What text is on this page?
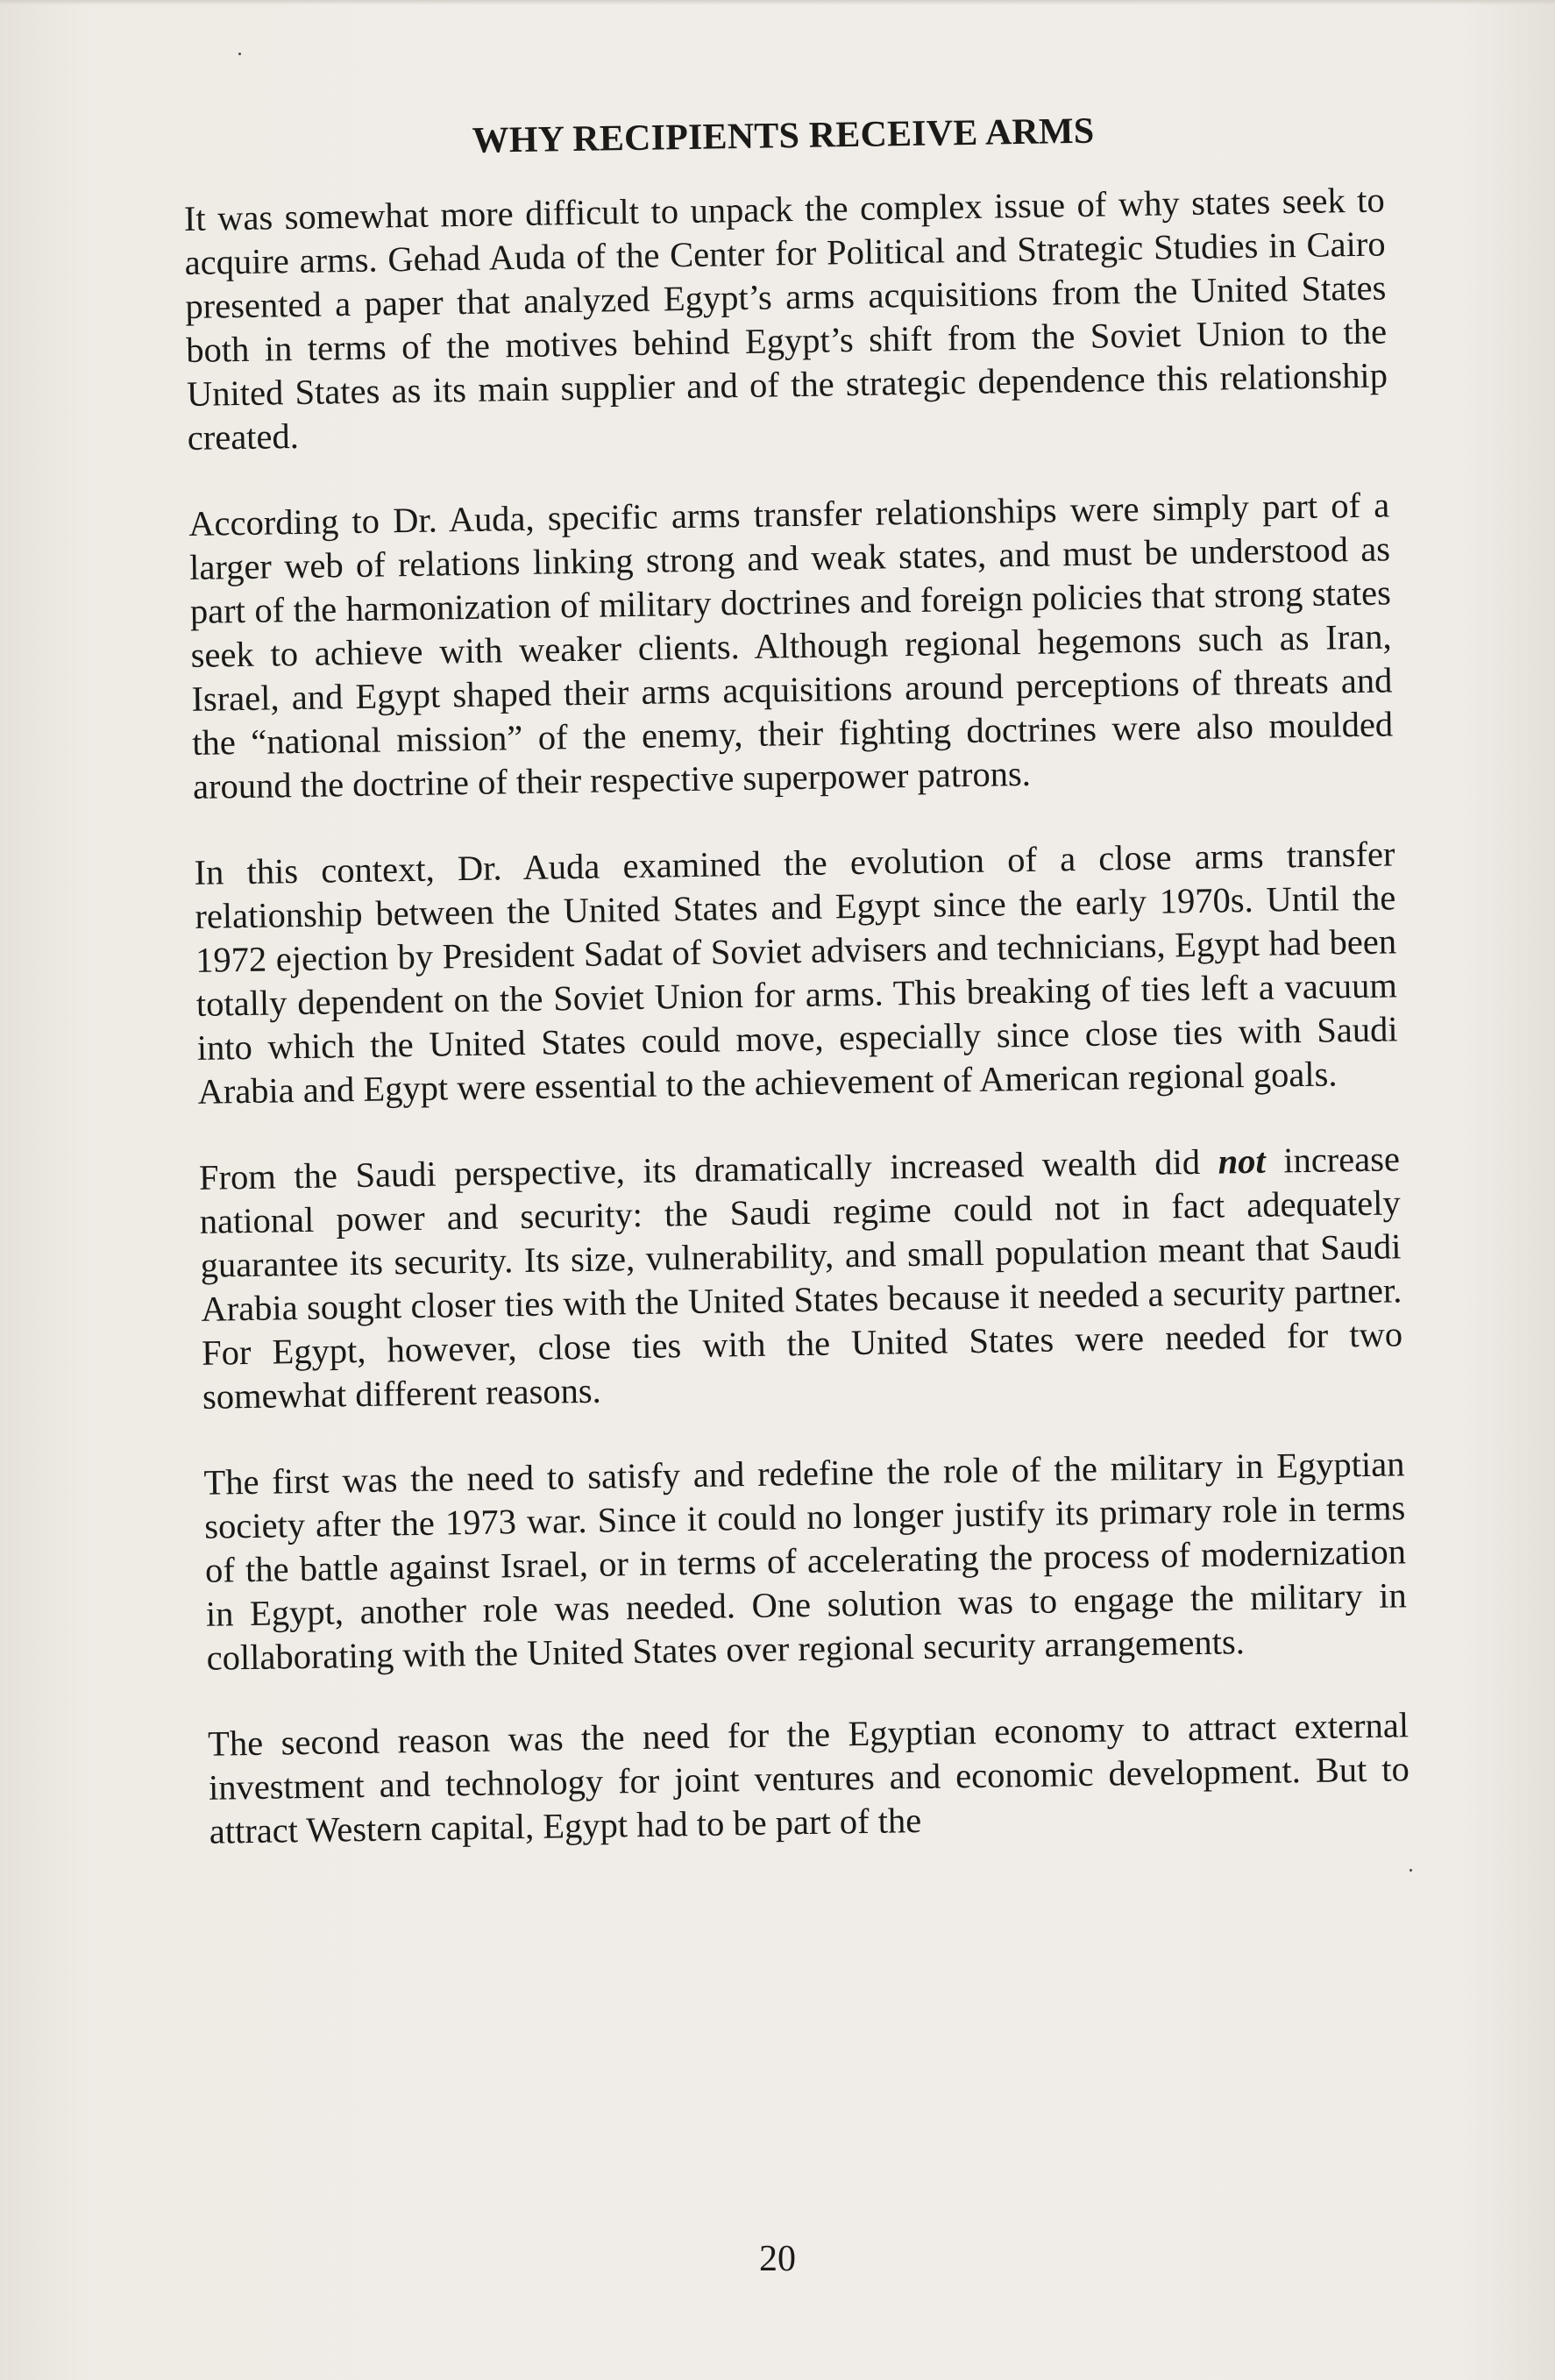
WHY RECIPIENTS RECEIVE ARMS

It was somewhat more difficult to unpack the complex issue of why states seek to acquire arms. Gehad Auda of the Center for Political and Strategic Studies in Cairo presented a paper that analyzed Egypt’s arms acquisitions from the United States both in terms of the motives behind Egypt’s shift from the Soviet Union to the United States as its main supplier and of the strategic dependence this relationship created.

According to Dr. Auda, specific arms transfer relationships were simply part of a larger web of relations linking strong and weak states, and must be understood as part of the harmonization of military doctrines and foreign policies that strong states seek to achieve with weaker clients. Although regional hegemons such as Iran, Israel, and Egypt shaped their arms acquisitions around perceptions of threats and the “national mission” of the enemy, their fighting doctrines were also moulded around the doctrine of their respective superpower patrons.

In this context, Dr. Auda examined the evolution of a close arms transfer relationship between the United States and Egypt since the early 1970s. Until the 1972 ejection by President Sadat of Soviet advisers and technicians, Egypt had been totally dependent on the Soviet Union for arms. This breaking of ties left a vacuum into which the United States could move, especially since close ties with Saudi Arabia and Egypt were essential to the achievement of American regional goals.

From the Saudi perspective, its dramatically increased wealth did not increase national power and security: the Saudi regime could not in fact adequately guarantee its security. Its size, vulnerability, and small population meant that Saudi Arabia sought closer ties with the United States because it needed a security partner. For Egypt, however, close ties with the United States were needed for two somewhat different reasons.

The first was the need to satisfy and redefine the role of the military in Egyptian society after the 1973 war. Since it could no longer justify its primary role in terms of the battle against Israel, or in terms of accelerating the process of modernization in Egypt, another role was needed. One solution was to engage the military in collaborating with the United States over regional security arrangements.

The second reason was the need for the Egyptian economy to attract external investment and technology for joint ventures and economic development. But to attract Western capital, Egypt had to be part of the

20
